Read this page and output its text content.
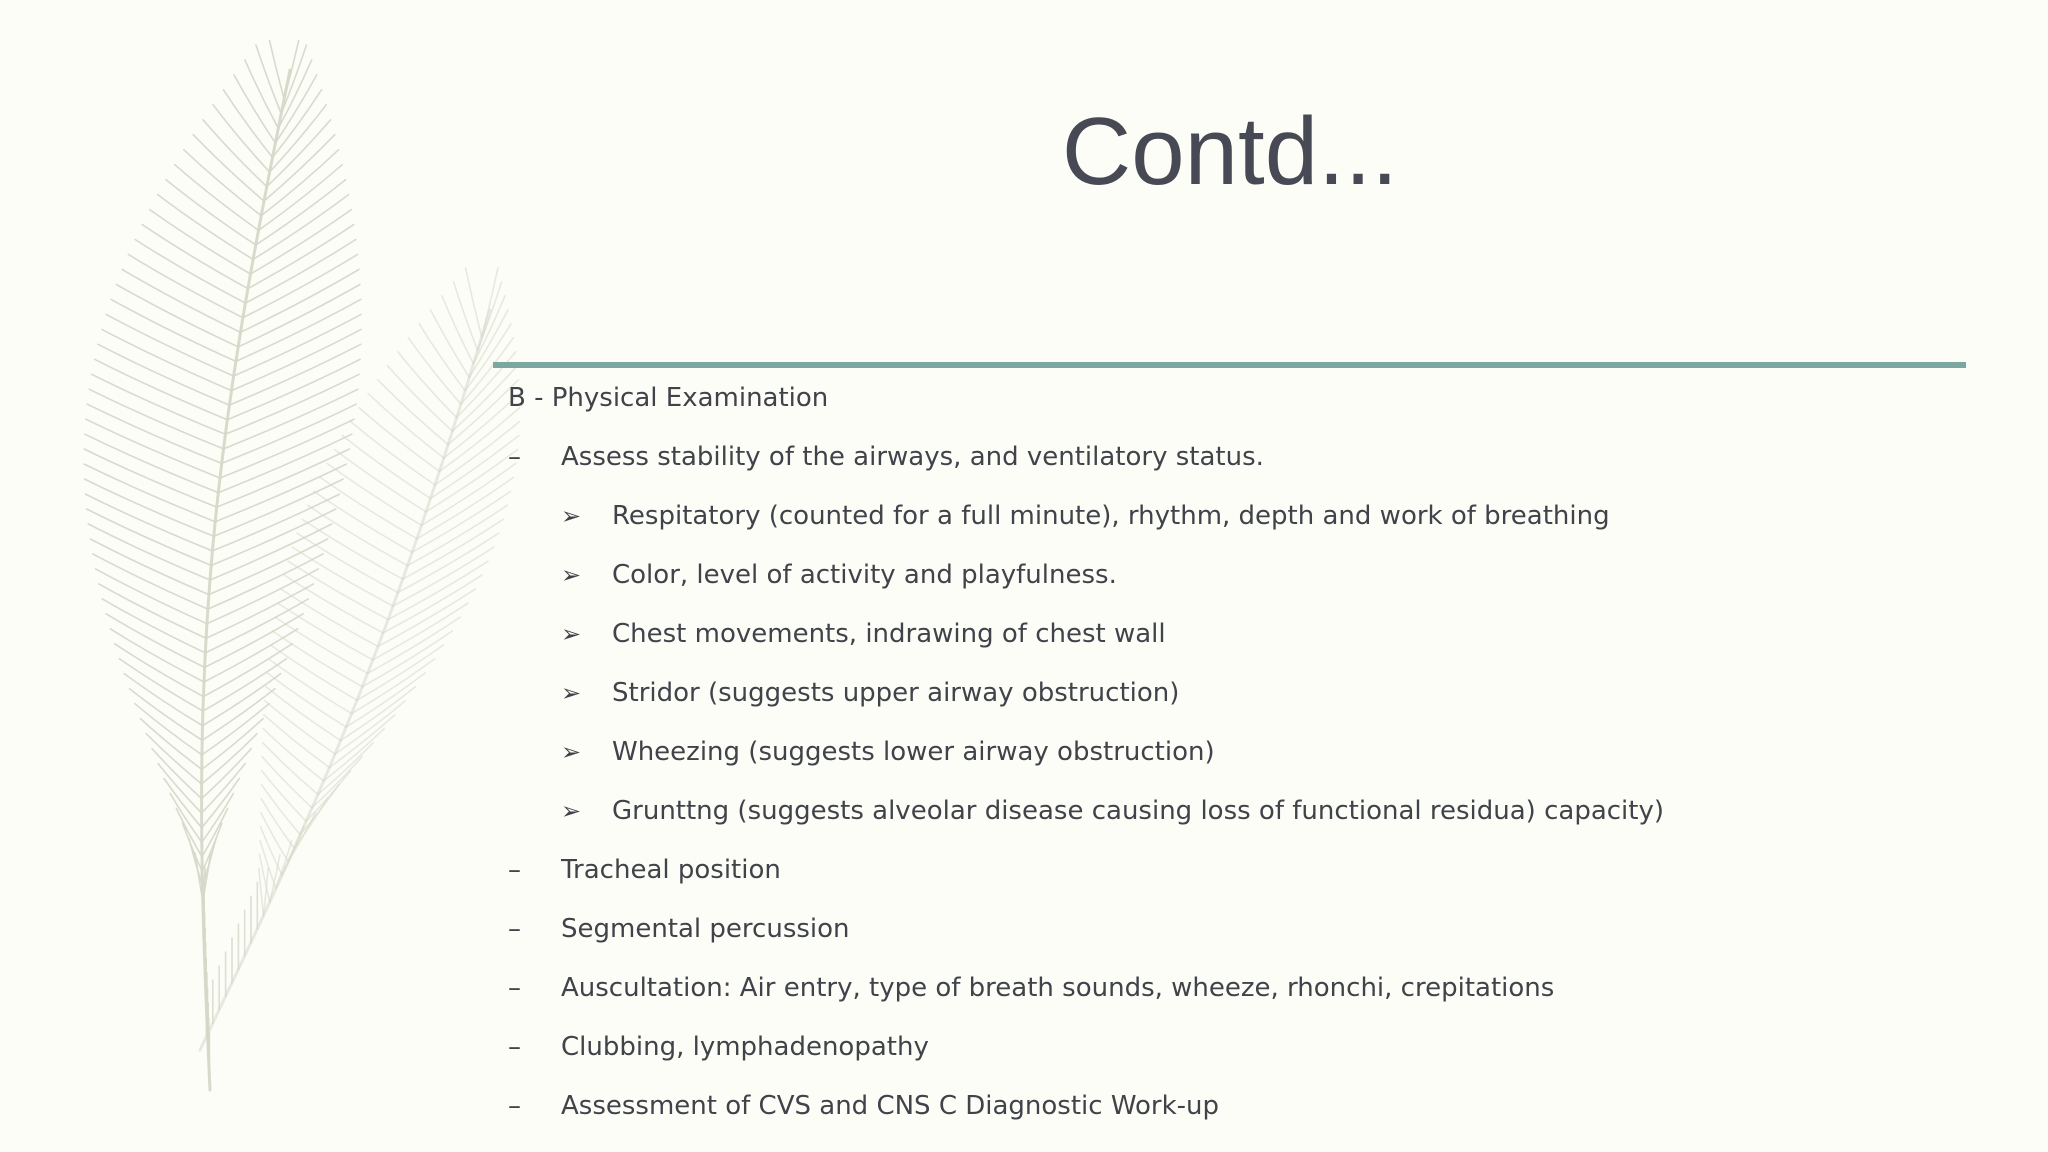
Contd...
B - Physical Examination
–	Assess stability of the airways, and ventilatory status.
➢	Respitatory (counted for a full minute), rhythm, depth and work of breathing
➢	Color, level of activity and playfulness.
➢	Chest movements, indrawing of chest wall
➢	Stridor (suggests upper airway obstruction)
➢	Wheezing (suggests lower airway obstruction)
➢	Grunttng (suggests alveolar disease causing loss of functional residua) capacity)
–	Tracheal position
–	Segmental percussion
–	Auscultation: Air entry, type of breath sounds, wheeze, rhonchi, crepitations
–	Clubbing, lymphadenopathy
–	Assessment of CVS and CNS C Diagnostic Work-up
